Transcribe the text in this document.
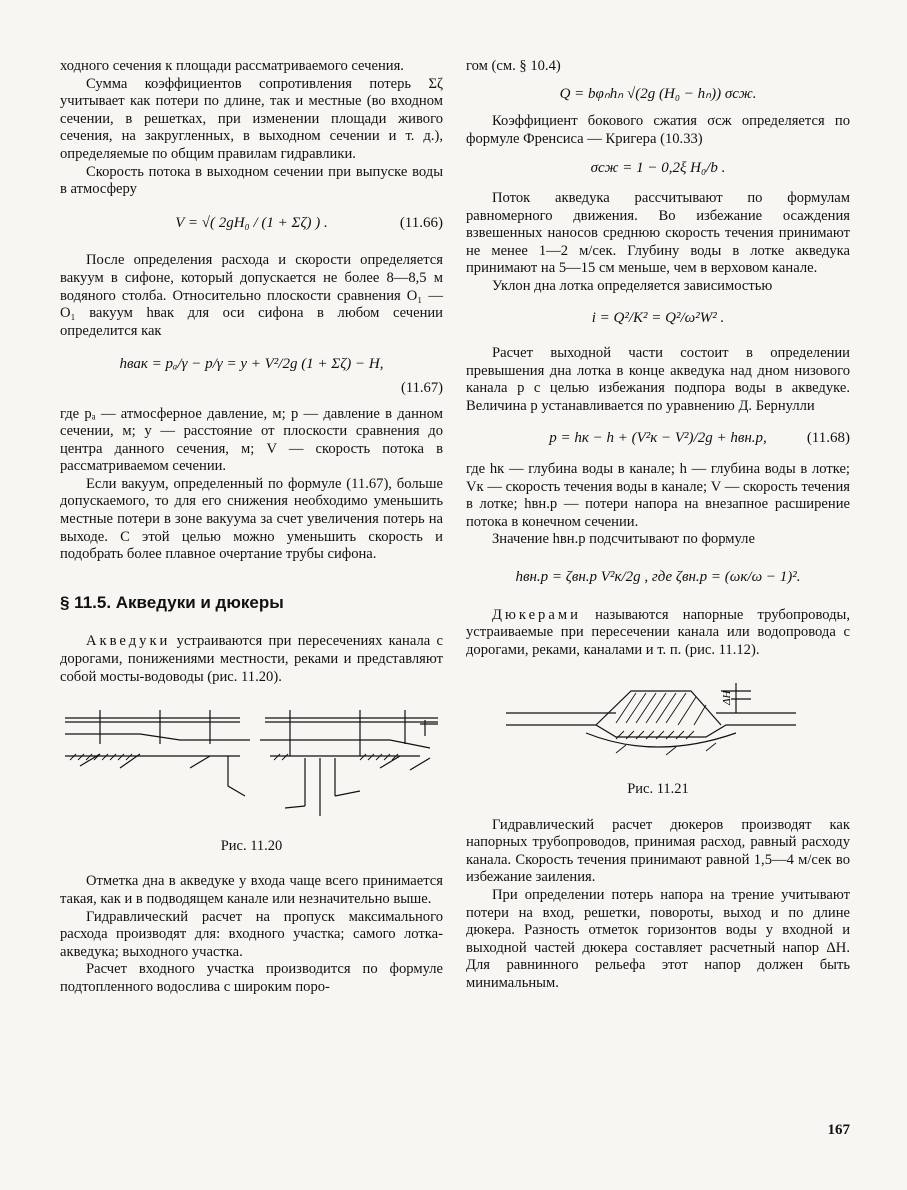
ходного сечения к площади рассматриваемого сечения.

Сумма коэффициентов сопротивления потерь Σζ учитывает как потери по длине, так и местные (во входном сечении, в решетках, при изменении площади живого сечения, на закругленных, в выходном сечении и т. д.), определяемые по общим правилам гидравлики.

Скорость потока в выходном сечении при выпуске воды в атмосферу

V = √( 2gH₀ / (1 + Σζ) ) .	(11.66)

После определения расхода и скорости определяется вакуум в сифоне, который допускается не более 8—8,5 м водяного столба. Относительно плоскости сравнения O₁ — O₁ вакуум hвак для оси сифона в любом сечении определится как

hвак = pₐ/γ − p/γ = y + V²/2g (1 + Σζ) − H,
(11.67)

где pₐ — атмосферное давление, м; p — давление в данном сечении, м; y — расстояние от плоскости сравнения до центра данного сечения, м; V — скорость потока в рассматриваемом сечении.

Если вакуум, определенный по формуле (11.67), больше допускаемого, то для его снижения необходимо уменьшить местные потери в зоне вакуума за счет увеличения потерь на выходе. С этой целью можно уменьшить скорость и подобрать более плавное очертание трубы сифона.

§ 11.5. Акведуки и дюкеры

Акведуки устраиваются при пересечениях канала с дорогами, понижениями местности, реками и представляют собой мосты-водоводы (рис. 11.20).

Рис. 11.20

Отметка дна в акведуке у входа чаще всего принимается такая, как и в подводящем канале или незначительно выше.

Гидравлический расчет на пропуск максимального расхода производят для: входного участка; самого лотка- акведука; выходного участка.

Расчет входного участка производится по формуле подтопленного водослива с широким поро-

гом (см. § 10.4)

Q = bφₙhₙ √(2g (H₀ − hₙ)) σсж.

Коэффициент бокового сжатия σсж определяется по формуле Френсиса — Кригера (10.33)

σсж = 1 − 0,2ξ H₀/b .

Поток акведука рассчитывают по формулам равномерного движения. Во избежание осаждения взвешенных наносов среднюю скорость течения принимают не менее 1—2 м/сек. Глубину воды в лотке акведука принимают на 5—15 см меньше, чем в верховом канале.

Уклон дна лотка определяется зависимостью

i = Q²/K² = Q²/ω²W² .

Расчет выходной части состоит в определении превышения дна лотка в конце акведука над дном низового канала p с целью избежания подпора воды в акведуке. Величина p устанавливается по уравнению Д. Бернулли

p = hк − h + (V²к − V²)/2g + hвн.р,	(11.68)

где hк — глубина воды в канале; h — глубина воды в лотке; Vк — скорость течения воды в канале; V — скорость течения в лотке; hвн.р — потери напора на внезапное расширение потока в конечном сечении.

Значение hвн.р подсчитывают по формуле

hвн.р = ζвн.р V²к/2g , где ζвн.р = (ωк/ω − 1)².

Дюкерами называются напорные трубопроводы, устраиваемые при пересечении канала или водопровода с дорогами, реками, каналами и т. п. (рис. 11.12).

ΔH
Рис. 11.21

Гидравлический расчет дюкеров производят как напорных трубопроводов, принимая расход, равный расходу канала. Скорость течения принимают равной 1,5—4 м/сек во избежание заиления.

При определении потерь напора на трение учитывают потери на вход, решетки, повороты, выход и по длине дюкера. Разность отметок горизонтов воды у входной и выходной частей дюкера составляет расчетный напор ΔH. Для равнинного рельефа этот напор должен быть минимальным.

167
